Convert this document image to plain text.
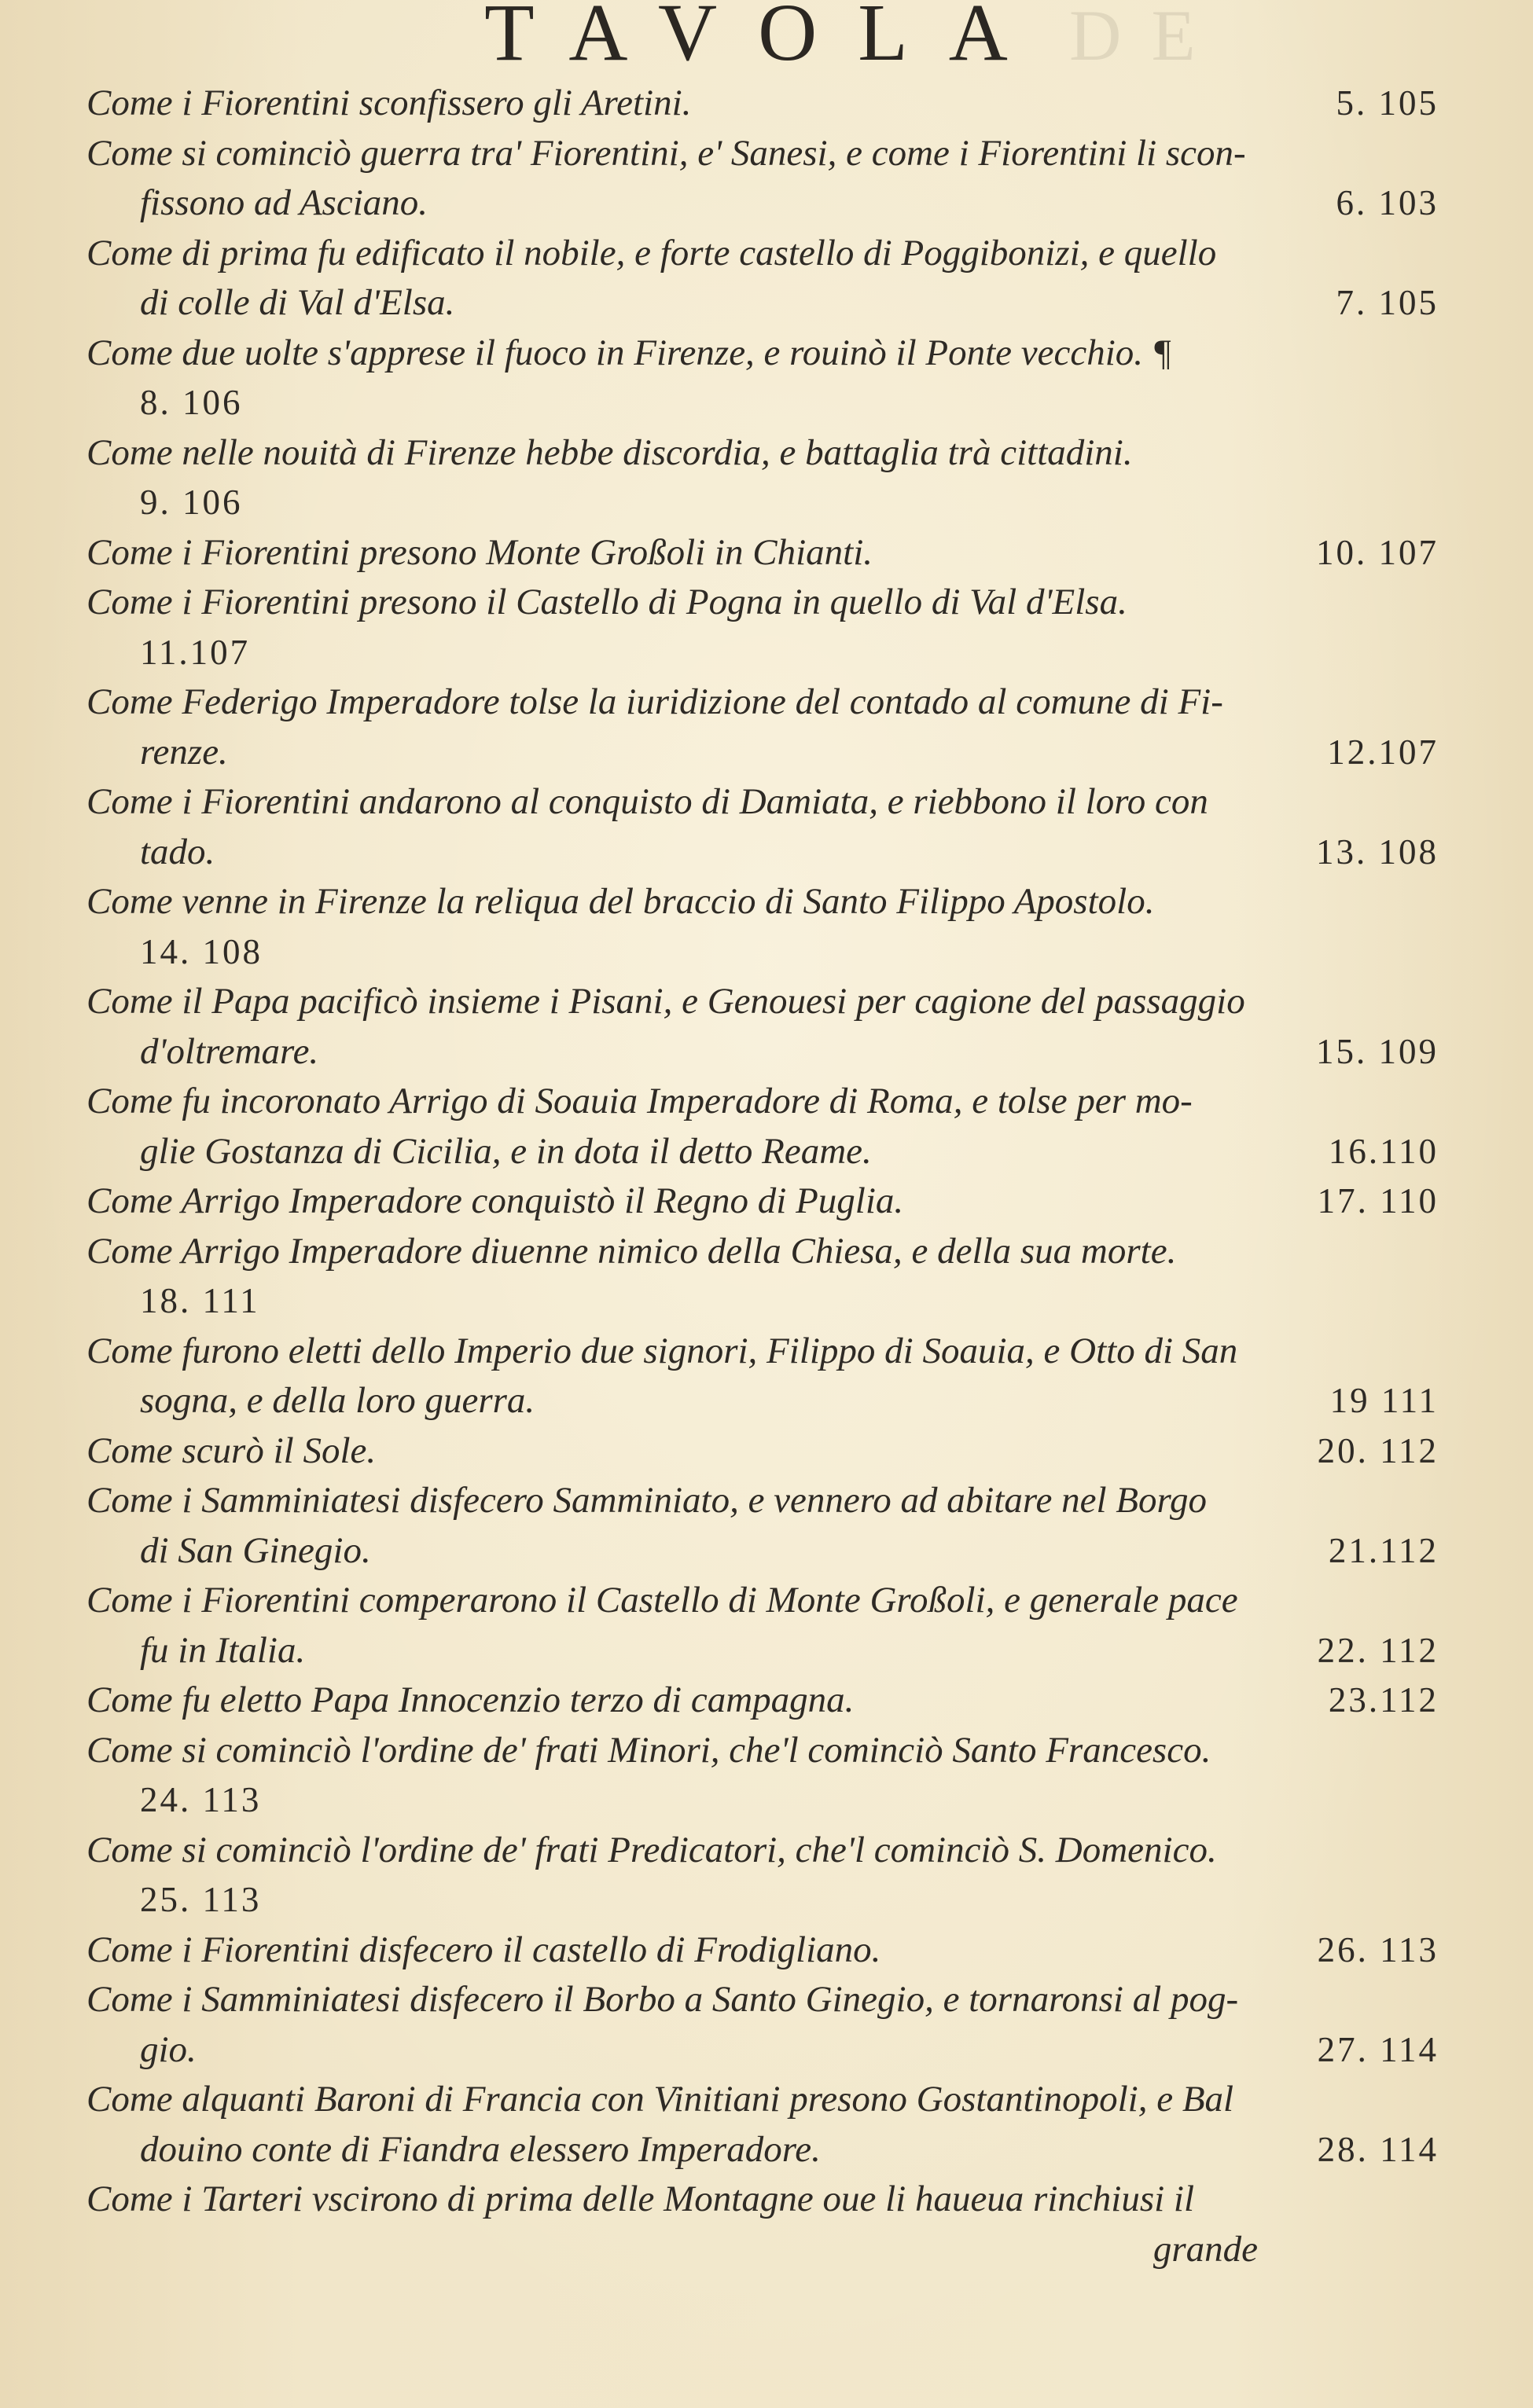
DE
TAVOLA
Come i Fiorentini sconfissero gli Aretini.	5. 105
Come si cominciò guerra tra' Fiorentini, e' Sanesi, e come i Fiorentini li scon-
fissono ad Asciano.	6. 103
Come di prima fu edificato il nobile, e forte castello di Poggibonizi, e quello
di colle di Val d'Elsa.	7. 105
Come due uolte s'apprese il fuoco in Firenze, e rouinò il Ponte vecchio. ¶
8. 106
Come nelle nouità di Firenze hebbe discordia, e battaglia trà cittadini.
9. 106
Come i Fiorentini presono Monte Großoli in Chianti.	10. 107
Come i Fiorentini presono il Castello di Pogna in quello di Val d'Elsa.
11.107
Come Federigo Imperadore tolse la iuridizione del contado al comune di Fi-
renze.	12.107
Come i Fiorentini andarono al conquisto di Damiata, e riebbono il loro con
tado.	13. 108
Come venne in Firenze la reliqua del braccio di Santo Filippo Apostolo.
14. 108
Come il Papa pacificò insieme i Pisani, e Genouesi per cagione del passaggio
d'oltremare.	15. 109
Come fu incoronato Arrigo di Soauia Imperadore di Roma, e tolse per mo-
glie Gostanza di Cicilia, e in dota il detto Reame.	16.110
Come Arrigo Imperadore conquistò il Regno di Puglia.	17. 110
Come Arrigo Imperadore diuenne nimico della Chiesa, e della sua morte.
18. 111
Come furono eletti dello Imperio due signori, Filippo di Soauia, e Otto di San
sogna, e della loro guerra.	19 111
Come scurò il Sole.	20. 112
Come i Samminiatesi disfecero Samminiato, e vennero ad abitare nel Borgo
di San Ginegio.	21.112
Come i Fiorentini comperarono il Castello di Monte Großoli, e generale pace
fu in Italia.	22. 112
Come fu eletto Papa Innocenzio terzo di campagna.	23.112
Come si cominciò l'ordine de' frati Minori, che'l cominciò Santo Francesco.
24. 113
Come si cominciò l'ordine de' frati Predicatori, che'l cominciò S. Domenico.
25. 113
Come i Fiorentini disfecero il castello di Frodigliano.	26. 113
Come i Samminiatesi disfecero il Borbo a Santo Ginegio, e tornaronsi al pog-
gio.	27. 114
Come alquanti Baroni di Francia con Vinitiani presono Gostantinopoli, e Bal
douino conte di Fiandra elessero Imperadore.	28. 114
Come i Tarteri vscirono di prima delle Montagne oue li haueua rinchiusi il
grande
